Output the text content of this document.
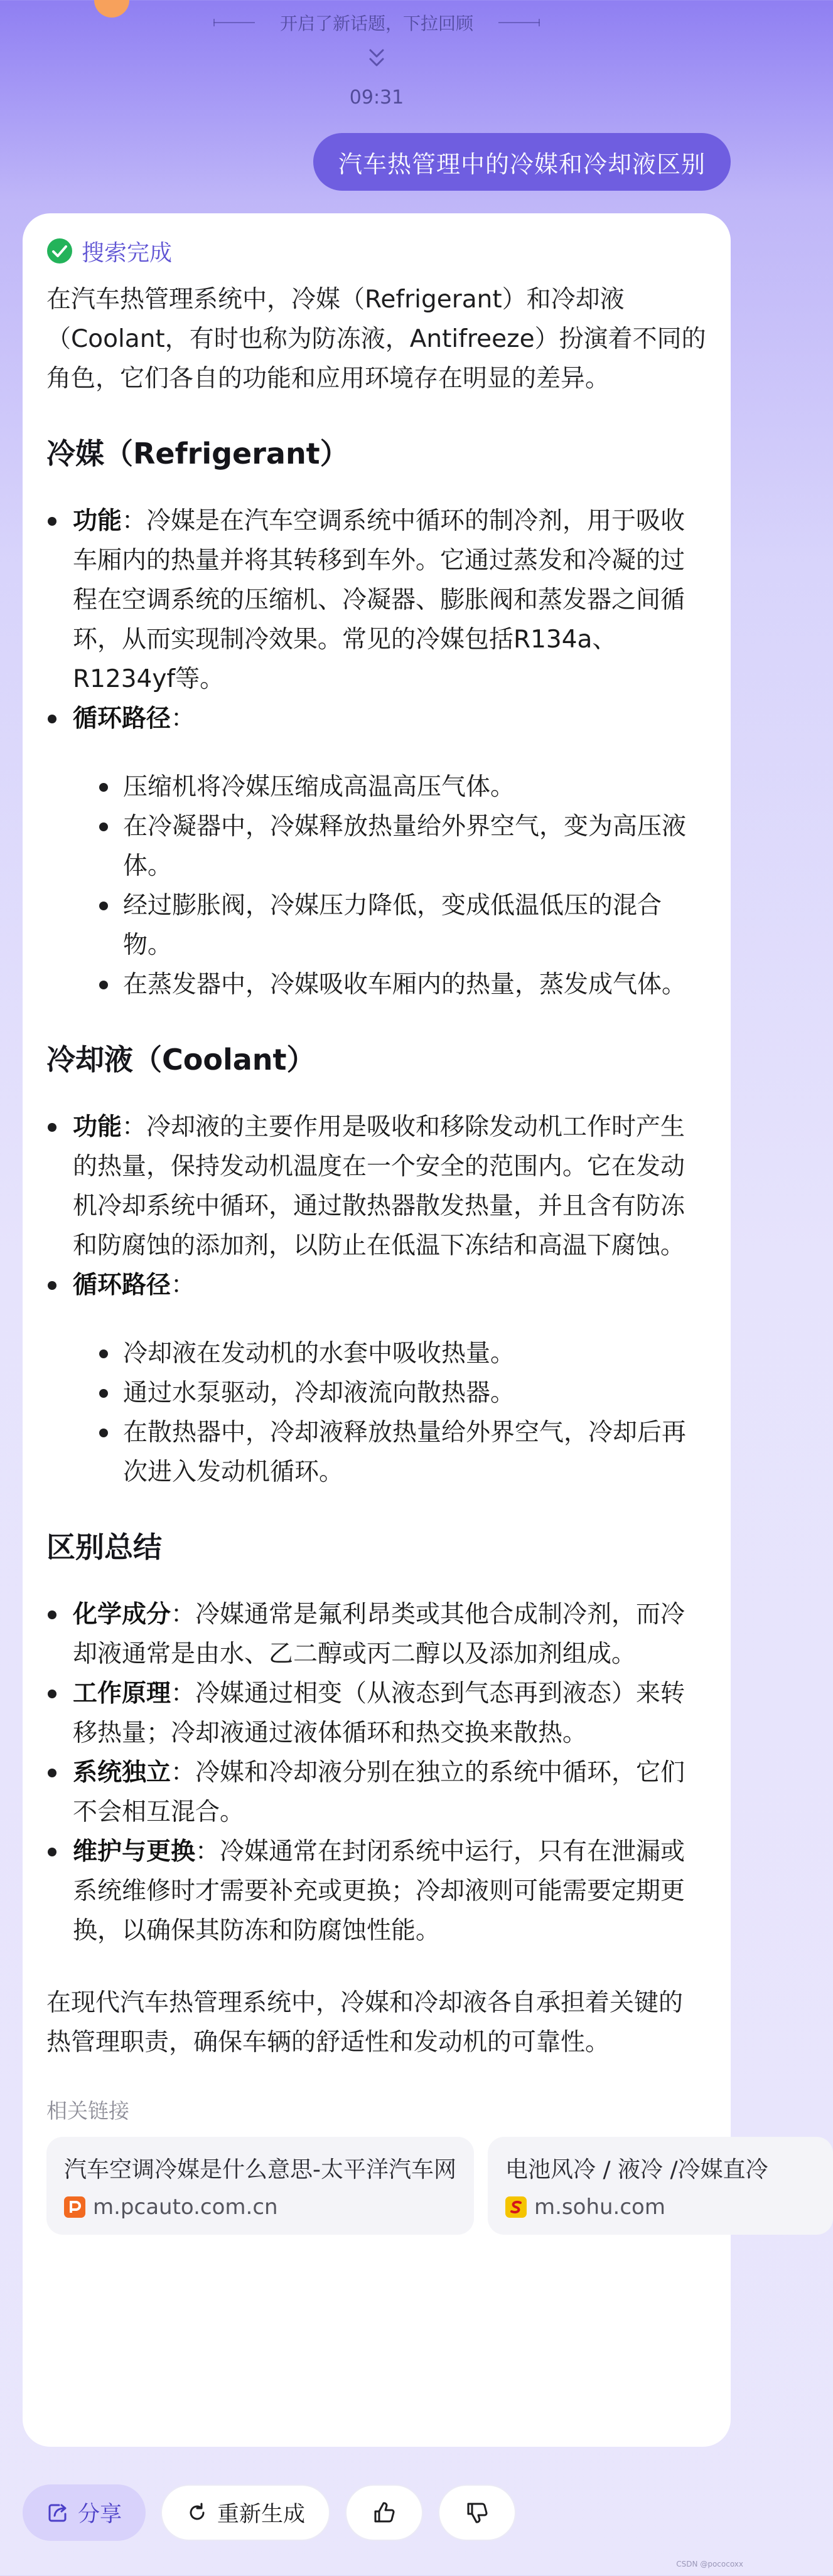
开启了新话题，下拉回顾
09:31
汽车热管理中的冷媒和冷却液区别
搜索完成

在汽车热管理系统中，冷媒（Refrigerant）和冷却液（Coolant，有时也称为防冻液，Antifreeze）扮演着不同的角色，它们各自的功能和应用环境存在明显的差异。

冷媒（Refrigerant）
功能：冷媒是在汽车空调系统中循环的制冷剂，用于吸收车厢内的热量并将其转移到车外。它通过蒸发和冷凝的过程在空调系统的压缩机、冷凝器、膨胀阀和蒸发器之间循环，从而实现制冷效果。常见的冷媒包括R134a、R1234yf等。
循环路径：
压缩机将冷媒压缩成高温高压气体。
在冷凝器中，冷媒释放热量给外界空气，变为高压液体。
经过膨胀阀，冷媒压力降低，变成低温低压的混合物。
在蒸发器中，冷媒吸收车厢内的热量，蒸发成气体。
冷却液（Coolant）
功能：冷却液的主要作用是吸收和移除发动机工作时产生的热量，保持发动机温度在一个安全的范围内。它在发动机冷却系统中循环，通过散热器散发热量，并且含有防冻和防腐蚀的添加剂，以防止在低温下冻结和高温下腐蚀。
循环路径：
冷却液在发动机的水套中吸收热量。
通过水泵驱动，冷却液流向散热器。
在散热器中，冷却液释放热量给外界空气，冷却后再次进入发动机循环。
区别总结
化学成分：冷媒通常是氟利昂类或其他合成制冷剂，而冷却液通常是由水、乙二醇或丙二醇以及添加剂组成。
工作原理：冷媒通过相变（从液态到气态再到液态）来转移热量；冷却液通过液体循环和热交换来散热。
系统独立：冷媒和冷却液分别在独立的系统中循环，它们不会相互混合。
维护与更换：冷媒通常在封闭系统中运行，只有在泄漏或系统维修时才需要补充或更换；冷却液则可能需要定期更换，以确保其防冻和防腐蚀性能。

在现代汽车热管理系统中，冷媒和冷却液各自承担着关键的热管理职责，确保车辆的舒适性和发动机的可靠性。

相关链接
汽车空调冷媒是什么意思-太平洋汽车网
m.pcauto.com.cn
电池风冷 / 液冷 /冷媒直冷
m.sohu.com
分享	重新生成
CSDN @pococoxx
